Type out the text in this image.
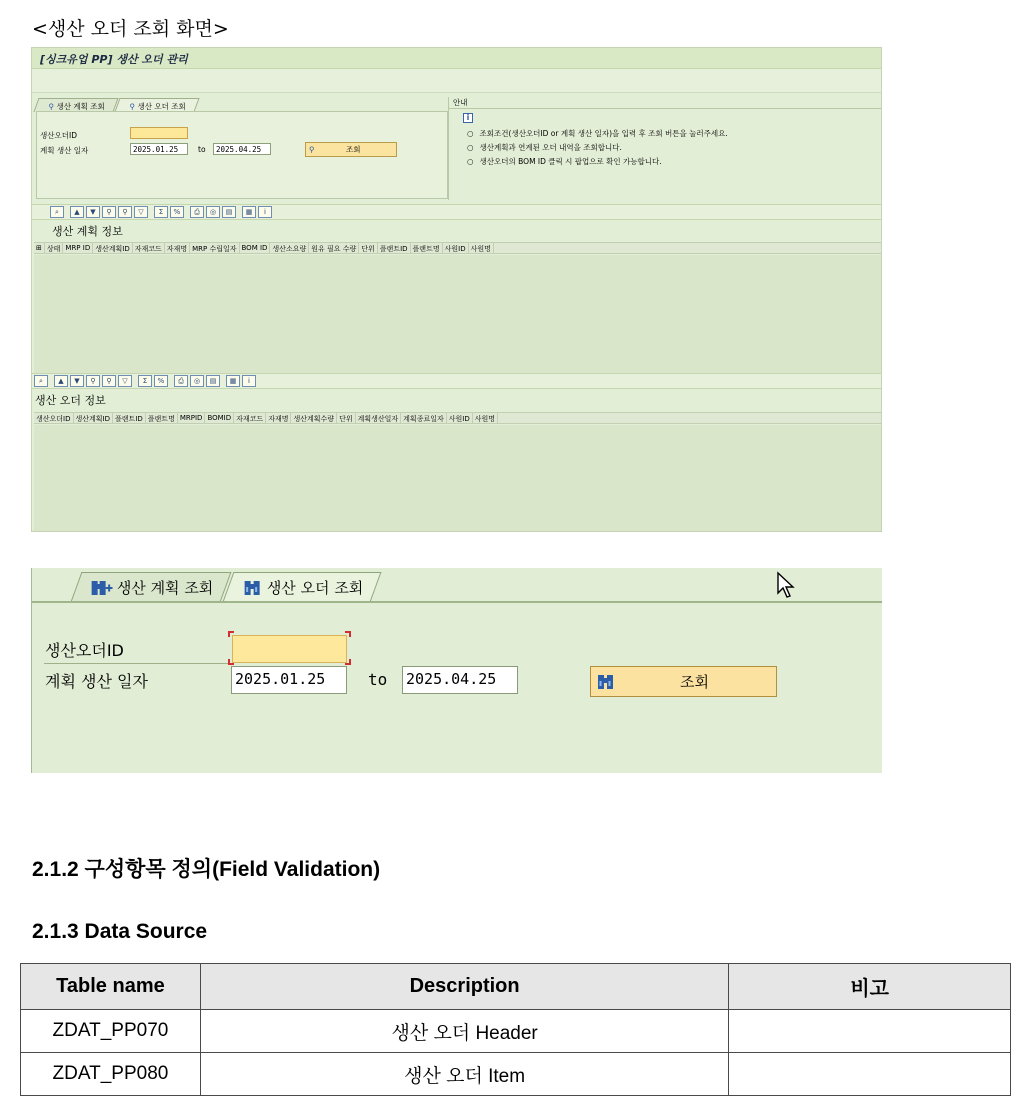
<생산 오더 조회 화면>
[싱크유업 PP] 생산 오더 관리
⚲ 생산 계획 조회	⚲ 생산 오더 조회
생산오더ID
계획 생산 일자	2025.01.25	to	2025.04.25	⚲	조회
안내
i
○ 조회조건(생산오더ID or 계획 생산 일자)을 입력 후 조회 버튼을 눌러주세요.
○ 생산계획과 연계된 오더 내역을 조회합니다.
○ 생산오더의 BOM ID 클릭 시 팝업으로 확인 가능합니다.
⌕	▲	▼	⚲	⚲	▽	Σ	%	⎙	◎	▤	▦	i
생산 계획 정보
⊞ 상태 MRP ID 생산계획ID 자재코드 자재명 MRP 수립일자 BOM ID 생산소요량 원유 필요 수량 단위 플랜트ID 플랜트명 사원ID 사원명
⌕	▲	▼	⚲	⚲	▽	Σ	%	⎙	◎	▤	▦	i
생산 오더 정보
생산오더ID 생산계획ID 플랜트ID 플랜트명 MRPID BOMID 자재코드 자재명 생산계획수량 단위 계획생산일자 계획종료일자 사원ID 사원명
생산 계획 조회	생산 오더 조회
생산오더ID
계획 생산 일자	2025.01.25	to 2025.04.25	조회
2.1.2 구성항목 정의(Field Validation)
2.1.3 Data Source
Table name	Description	비고
ZDAT_PP070	생산 오더 Header	
ZDAT_PP080	생산 오더 Item	
